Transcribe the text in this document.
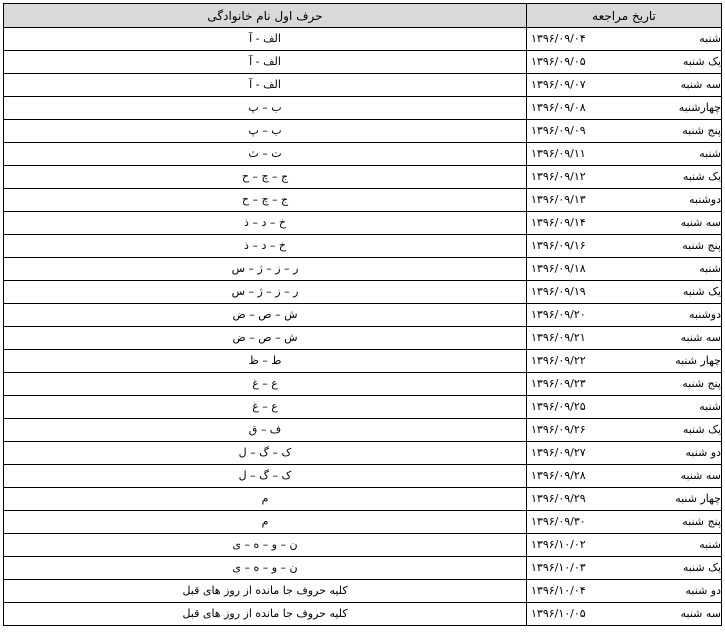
حرف اول نام خانوادگی	تاریخ مراجعه
الف - آ	۱۳۹۶/۰۹/۰۴ شنبه

الف - آ	۱۳۹۶/۰۹/۰۵ یک شنبه

الف - آ	۱۳۹۶/۰۹/۰۷ سه شنبه

ب – پ	۱۳۹۶/۰۹/۰۸ چهارشنبه

ب – پ	۱۳۹۶/۰۹/۰۹ پنج شنبه

ت – ث	۱۳۹۶/۰۹/۱۱ شنبه

ج – چ – ح	۱۳۹۶/۰۹/۱۲ یک شنبه

ج – چ – ح	۱۳۹۶/۰۹/۱۳ دوشنبه

خ – د – ذ	۱۳۹۶/۰۹/۱۴ سه شنبه

خ – د – ذ	۱۳۹۶/۰۹/۱۶ پنج شنبه

ر – ز – ژ – س	۱۳۹۶/۰۹/۱۸ شنبه

ر – ز – ژ – س	۱۳۹۶/۰۹/۱۹ یک شنبه

ش – ص – ض	۱۳۹۶/۰۹/۲۰ دوشنبه

ش – ص – ض	۱۳۹۶/۰۹/۲۱ سه شنبه

ط – ظ	۱۳۹۶/۰۹/۲۲ چهار شنبه

ع – غ	۱۳۹۶/۰۹/۲۳ پنج شنبه

ع – غ	۱۳۹۶/۰۹/۲۵ شنبه

ف – ق	۱۳۹۶/۰۹/۲۶ یک شنبه

ک – گ – ل	۱۳۹۶/۰۹/۲۷ دو شنبه

ک – گ – ل	۱۳۹۶/۰۹/۲۸ سه شنبه

م	۱۳۹۶/۰۹/۲۹ چهار شنبه

م	۱۳۹۶/۰۹/۳۰ پنج شنبه

ن – و – ه – ی	۱۳۹۶/۱۰/۰۲ شنبه

ن – و – ه – ی	۱۳۹۶/۱۰/۰۳ یک شنبه

کلیه حروف جا مانده از روز های قبل	۱۳۹۶/۱۰/۰۴ دو شنبه

کلیه حروف جا مانده از روز های قبل	۱۳۹۶/۱۰/۰۵ سه شنبه
